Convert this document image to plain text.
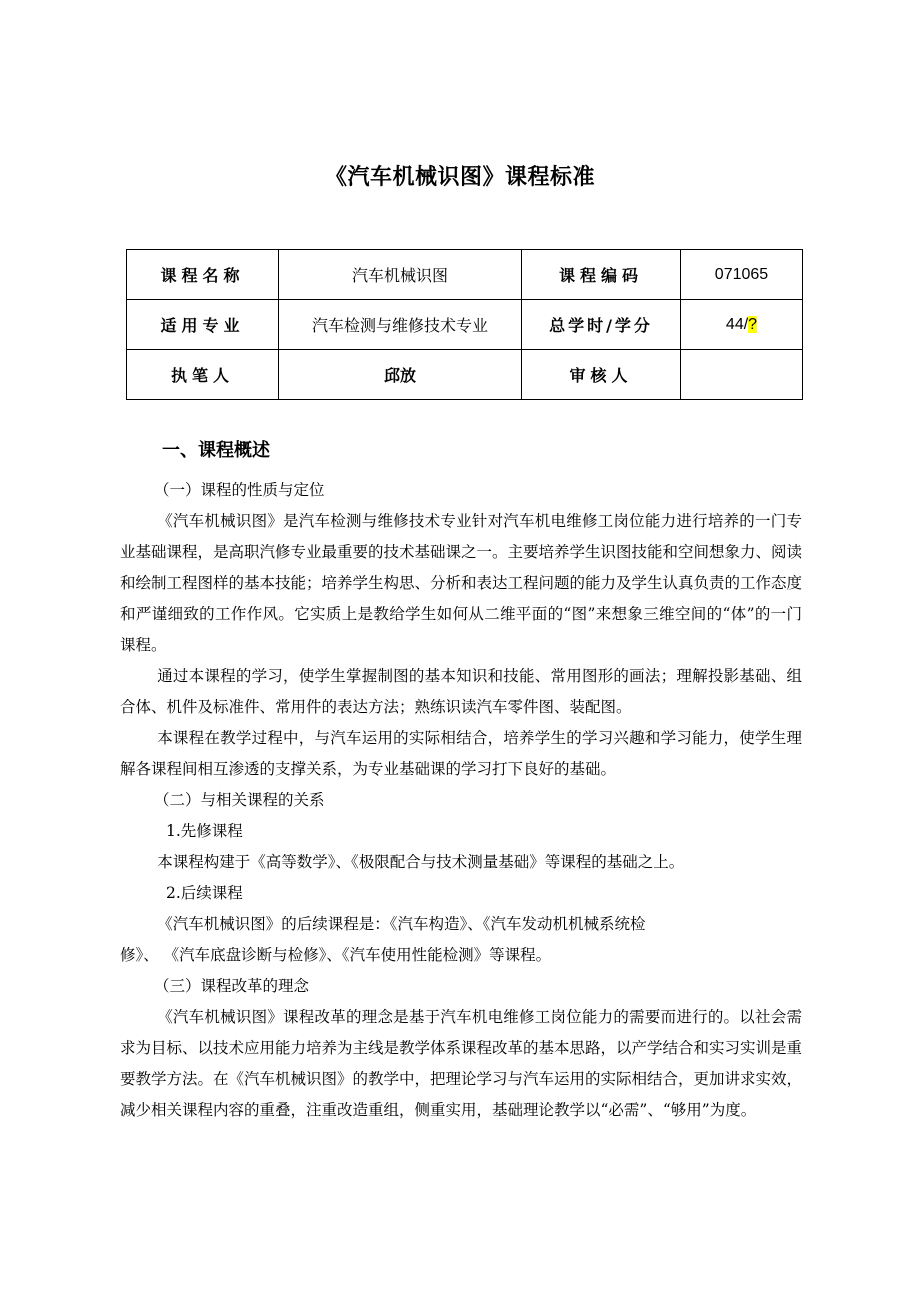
《汽车机械识图》课程标准
课程名称	汽车机械识图	课程编码	071065
适用专业	汽车检测与维修技术专业	总学时/学分	44/?
执笔人	邱放	审核人	
一、课程概述

（一）课程的性质与定位

《汽车机械识图》是汽车检测与维修技术专业针对汽车机电维修工岗位能力进行培养的一门专业基础课程，是高职汽修专业最重要的技术基础课之一。主要培养学生识图技能和空间想象力、阅读和绘制工程图样的基本技能；培养学生构思、分析和表达工程问题的能力及学生认真负责的工作态度和严谨细致的工作作风。它实质上是教给学生如何从二维平面的“图”来想象三维空间的“体”的一门课程。

通过本课程的学习，使学生掌握制图的基本知识和技能、常用图形的画法；理解投影基础、组合体、机件及标准件、常用件的表达方法；熟练识读汽车零件图、装配图。

本课程在教学过程中，与汽车运用的实际相结合，培养学生的学习兴趣和学习能力，使学生理解各课程间相互渗透的支撑关系，为专业基础课的学习打下良好的基础。

（二）与相关课程的关系

1.先修课程

本课程构建于《高等数学》、《极限配合与技术测量基础》等课程的基础之上。

2.后续课程

《汽车机械识图》的后续课程是：《汽车构造》、《汽车发动机机械系统检

修》、 《汽车底盘诊断与检修》、《汽车使用性能检测》等课程。

（三）课程改革的理念

《汽车机械识图》课程改革的理念是基于汽车机电维修工岗位能力的需要而进行的。以社会需求为目标、以技术应用能力培养为主线是教学体系课程改革的基本思路，以产学结合和实习实训是重要教学方法。在《汽车机械识图》的教学中，把理论学习与汽车运用的实际相结合，更加讲求实效，减少相关课程内容的重叠，注重改造重组，侧重实用，基础理论教学以“必需”、“够用”为度。
